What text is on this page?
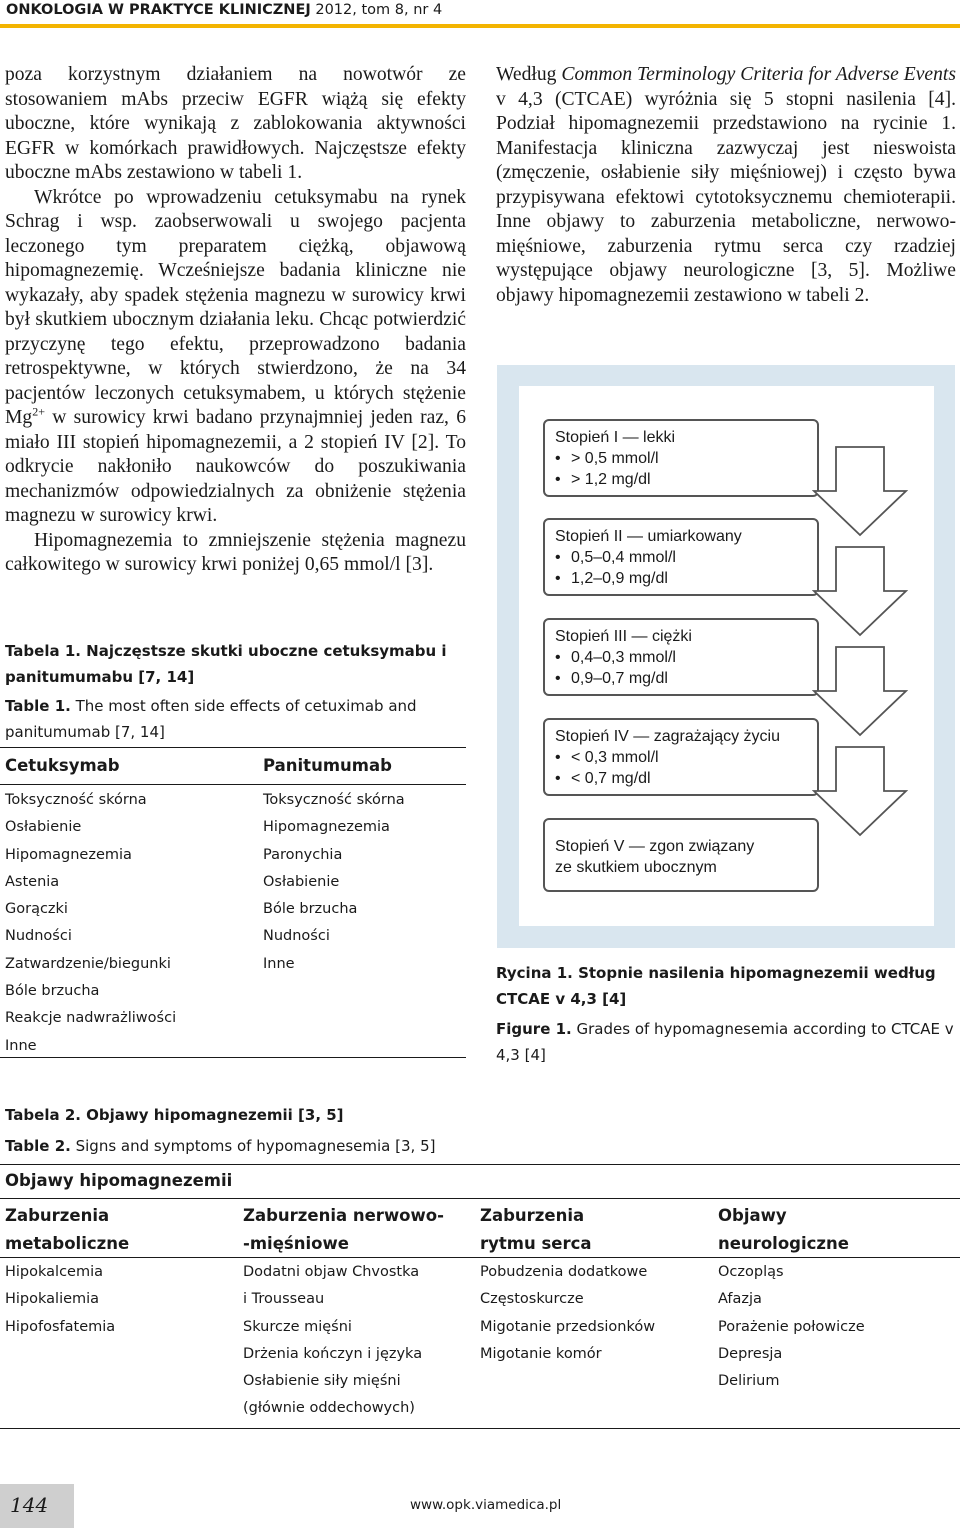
ONKOLOGIA W PRAKTYCE KLINICZNEJ 2012, tom 8, nr 4

poza korzystnym działaniem na nowotwór ze stosowaniem mAbs przeciw EGFR wiążą się efekty uboczne, które wynikają z zablokowania aktywności EGFR w komórkach prawidłowych. Najczęstsze efekty uboczne mAbs zestawiono w tabeli 1.

Wkrótce po wprowadzeniu cetuksymabu na rynek Schrag i wsp. zaobserwowali u swojego pacjenta leczonego tym preparatem ciężką, objawową hipomagnezemię. Wcześniejsze badania kliniczne nie wykazały, aby spadek stężenia magnezu w surowicy krwi był skutkiem ubocznym działania leku. Chcąc potwierdzić przyczynę tego efektu, przeprowadzono badania retrospektywne, w których stwierdzono, że na 34 pacjentów leczonych cetuksymabem, u których stężenie $Mg^{2+}$ w surowicy krwi badano przynajmniej jeden raz, 6 miało III stopień hipomagnezemii, a 2 stopień IV [2]. To odkrycie nakłoniło naukowców do poszukiwania mechanizmów odpowiedzialnych za obniżenie stężenia magnezu w surowicy krwi.

Hipomagnezemia to zmniejszenie stężenia magnezu całkowitego w surowicy krwi poniżej 0,65 mmol/l [3].

Według Common Terminology Criteria for Adverse Events v 4,3 (CTCAE) wyróżnia się 5 stopni nasilenia [4]. Podział hipomagnezemii przedstawiono na rycinie 1. Manifestacja kliniczna zazwyczaj jest nieswoista (zmęczenie, osłabienie siły mięśniowej) i często bywa przypisywana efektowi cytotoksycznemu chemioterapii. Inne objawy to zaburzenia metaboliczne, nerwowo-mięśniowe, zaburzenia rytmu serca czy rzadziej występujące objawy neurologiczne [3, 5]. Możliwe objawy hipomagnezemii zestawiono w tabeli 2.

Stopień I — lekki
• > 0,5 mmol/l
• > 1,2 mg/dl
Stopień II — umiarkowany
• 0,5–0,4 mmol/l
• 1,2–0,9 mg/dl
Stopień III — ciężki
• 0,4–0,3 mmol/l
• 0,9–0,7 mg/dl
Stopień IV — zagrażający życiu
• < 0,3 mmol/l
• < 0,7 mg/dl
Stopień V — zgon związany ze skutkiem ubocznym
Rycina 1. Stopnie nasilenia hipomagnezemii według CTCAE v 4,3 [4]
Figure 1. Grades of hypomagnesemia according to CTCAE v 4,3 [4]
Tabela 1. Najczęstsze skutki uboczne cetuksymabu i panitumumabu [7, 14]
Table 1. The most often side effects of cetuximab and panitumumab [7, 14]
Cetuksymab	Panitumumab
Toksyczność skórna
Osłabienie
Hipomagnezemia
Astenia
Gorączki
Nudności
Zatwardzenie/biegunki
Bóle brzucha
Reakcje nadwrażliwości
Inne
Toksyczność skórna
Hipomagnezemia
Paronychia
Osłabienie
Bóle brzucha
Nudności
Inne
Tabela 2. Objawy hipomagnezemii [3, 5]
Table 2. Signs and symptoms of hypomagnesemia [3, 5]
Objawy hipomagnezemii
Zaburzenia
metaboliczne
Zaburzenia nerwowo-
-mięśniowe
Zaburzenia
rytmu serca
Objawy
neurologiczne
Hipokalcemia
Hipokaliemia
Hipofosfatemia
Dodatni objaw Chvostka
i Trousseau
Skurcze mięśni
Drżenia kończyn i języka
Osłabienie siły mięśni
(głównie oddechowych)
Pobudzenia dodatkowe
Częstoskurcze
Migotanie przedsionków
Migotanie komór
Oczopląs
Afazja
Porażenie połowicze
Depresja
Delirium
144	www.opk.viamedica.pl
